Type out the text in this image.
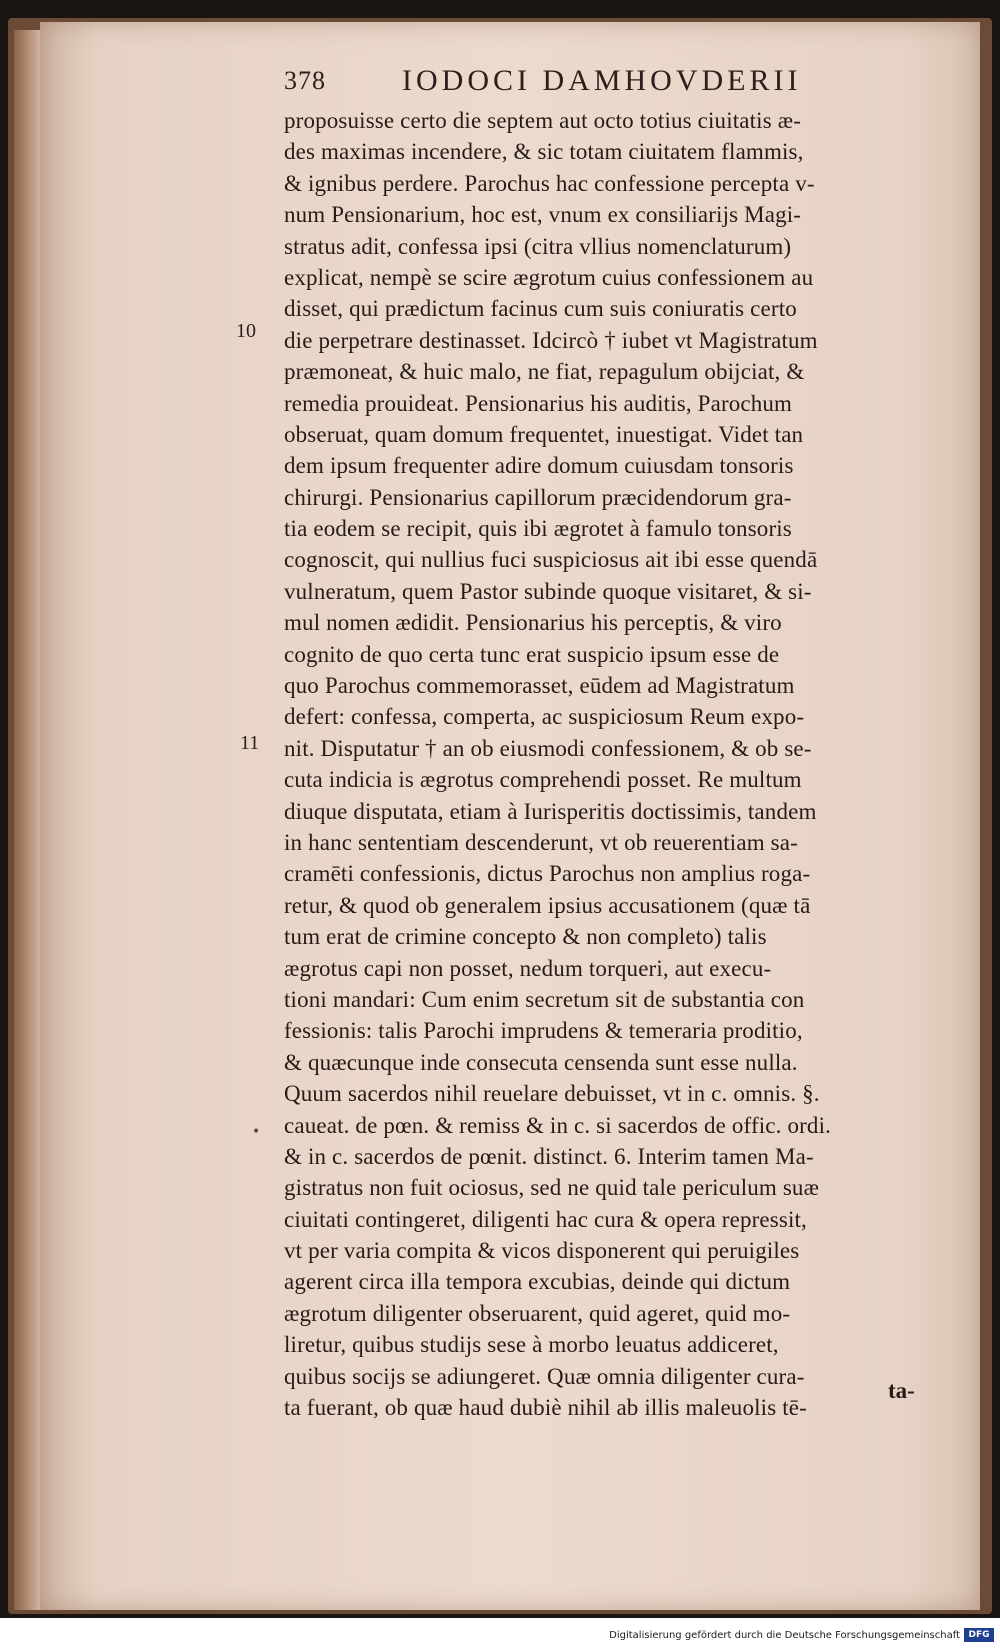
378	IODOCI DAMHOVDERII
10
11
•
proposuisse certo die septem aut octo totius ciuitatis æ-
des maximas incendere, & sic totam ciuitatem flammis,
& ignibus perdere. Parochus hac confessione percepta v-
num Pensionarium, hoc est, vnum ex consiliarijs Magi-
stratus adit, confessa ipsi (citra vllius nomenclaturum)
explicat, nempè se scire ægrotum cuius confessionem au
disset, qui prædictum facinus cum suis coniuratis certo
die perpetrare destinasset. Idcircò † iubet vt Magistratum
præmoneat, & huic malo, ne fiat, repagulum obijciat, &
remedia prouideat. Pensionarius his auditis, Parochum
obseruat, quam domum frequentet, inuestigat. Videt tan
dem ipsum frequenter adire domum cuiusdam tonsoris
chirurgi. Pensionarius capillorum præcidendorum gra-
tia eodem se recipit, quis ibi ægrotet à famulo tonsoris
cognoscit, qui nullius fuci suspiciosus ait ibi esse quendā
vulneratum, quem Pastor subinde quoque visitaret, & si-
mul nomen ædidit. Pensionarius his perceptis, & viro
cognito de quo certa tunc erat suspicio ipsum esse de
quo Parochus commemorasset, eūdem ad Magistratum
defert: confessa, comperta, ac suspiciosum Reum expo-
nit. Disputatur † an ob eiusmodi confessionem, & ob se-
cuta indicia is ægrotus comprehendi posset. Re multum
diuque disputata, etiam à Iurisperitis doctissimis, tandem
in hanc sententiam descenderunt, vt ob reuerentiam sa-
cramēti confessionis, dictus Parochus non amplius roga-
retur, & quod ob generalem ipsius accusationem (quæ tā
tum erat de crimine concepto & non completo) talis
ægrotus capi non posset, nedum torqueri, aut execu-
tioni mandari: Cum enim secretum sit de substantia con
fessionis: talis Parochi imprudens & temeraria proditio,
& quæcunque inde consecuta censenda sunt esse nulla.
Quum sacerdos nihil reuelare debuisset, vt in c. omnis. §.
caueat. de pœn. & remiss & in c. si sacerdos de offic. ordi.
& in c. sacerdos de pœnit. distinct. 6. Interim tamen Ma-
gistratus non fuit ociosus, sed ne quid tale periculum suæ
ciuitati contingeret, diligenti hac cura & opera repressit,
vt per varia compita & vicos disponerent qui peruigiles
agerent circa illa tempora excubias, deinde qui dictum
ægrotum diligenter obseruarent, quid ageret, quid mo-
liretur, quibus studijs sese à morbo leuatus addiceret,
quibus socijs se adiungeret. Quæ omnia diligenter cura-
ta fuerant, ob quæ haud dubiè nihil ab illis maleuolis tē-
ta-
Digitalisierung gefördert durch die Deutsche Forschungsgemeinschaft DFG
